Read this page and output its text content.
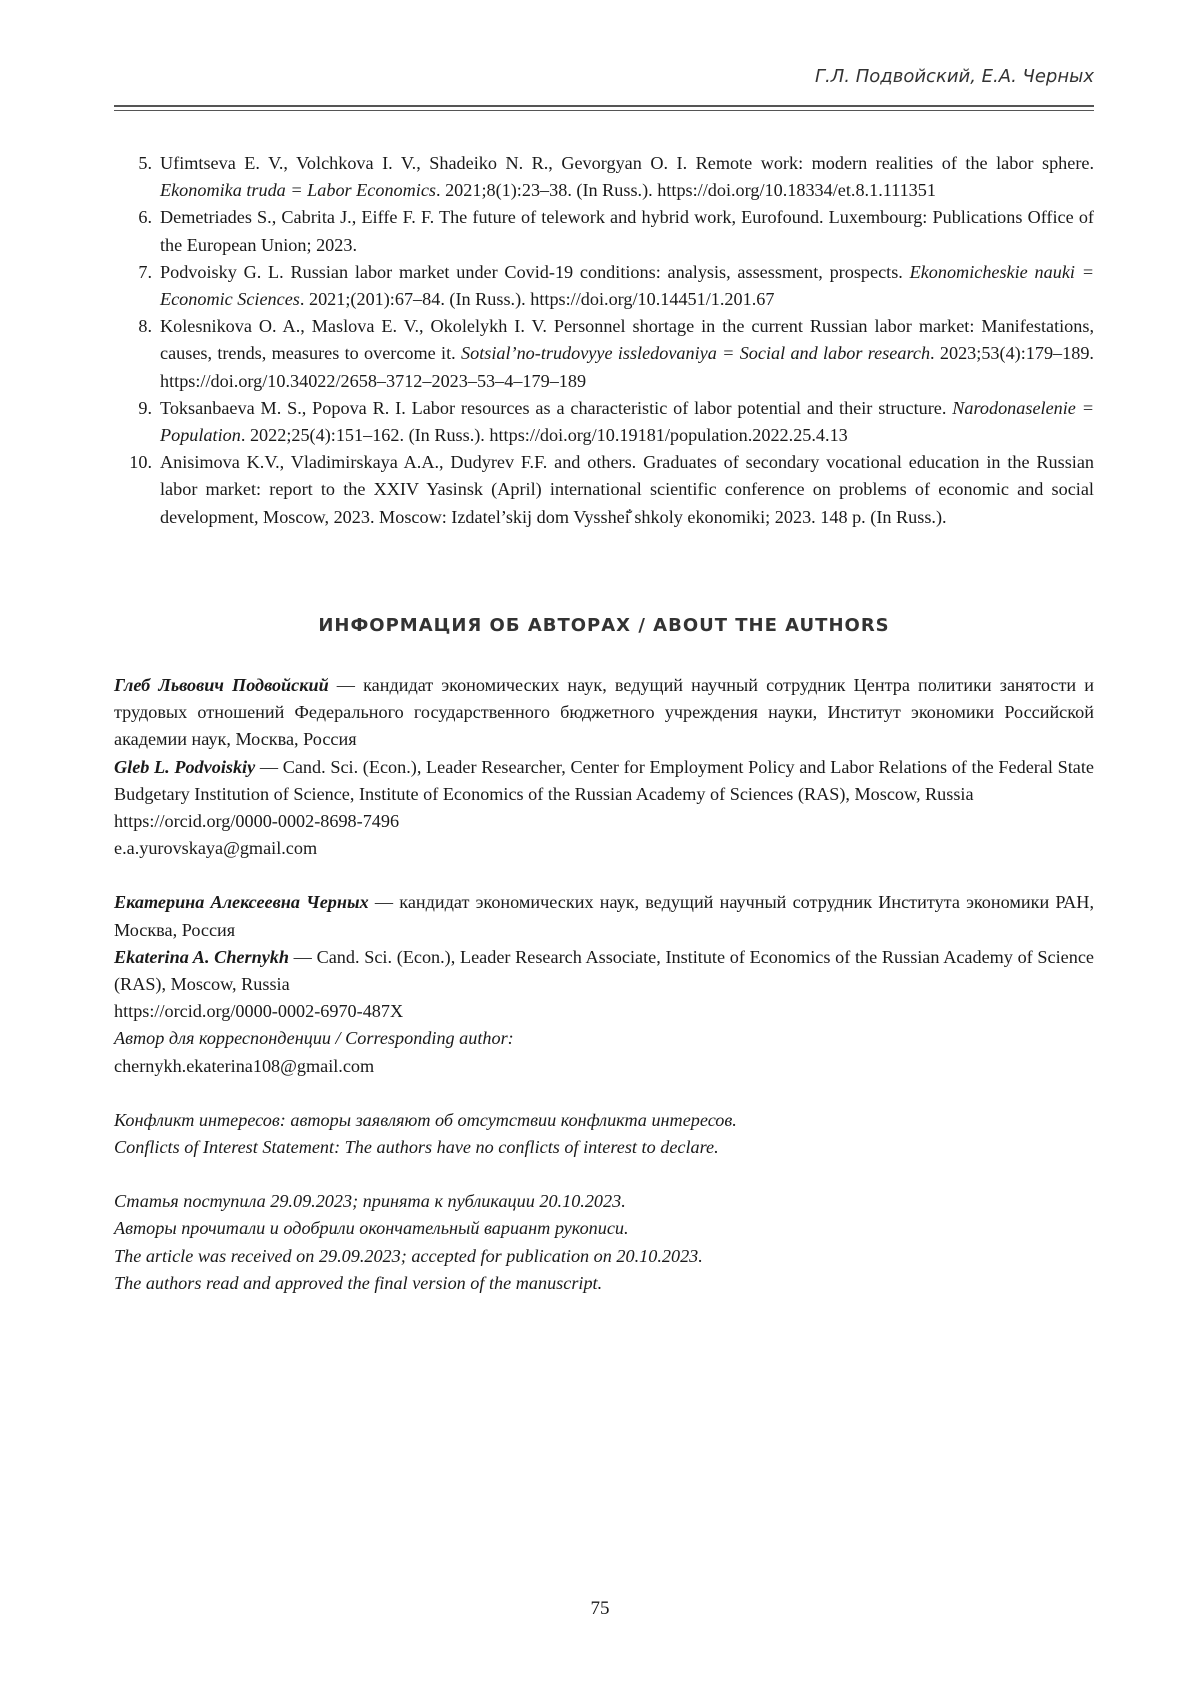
Г.Л. Подвойский, Е.А. Черных
5. Ufimtseva E. V., Volchkova I. V., Shadeiko N. R., Gevorgyan O. I. Remote work: modern realities of the labor sphere. Ekonomika truda = Labor Economics. 2021;8(1):23–38. (In Russ.). https://doi.org/10.18334/et.8.1.111351
6. Demetriades S., Cabrita J., Eiffe F. F. The future of telework and hybrid work, Eurofound. Luxembourg: Publications Office of the European Union; 2023.
7. Podvoisky G. L. Russian labor market under Covid-19 conditions: analysis, assessment, prospects. Ekonomicheskie nauki = Economic Sciences. 2021;(201):67–84. (In Russ.). https://doi.org/10.14451/1.201.67
8. Kolesnikova O. A., Maslova E. V., Okolelykh I. V. Personnel shortage in the current Russian labor market: Manifestations, causes, trends, measures to overcome it. Sotsial’no-trudovyye issledovaniya = Social and labor research. 2023;53(4):179–189. https://doi.org/10.34022/2658–3712–2023–53–4–179–189
9. Toksanbaeva M. S., Popova R. I. Labor resources as a characteristic of labor potential and their structure. Narodonaselenie = Population. 2022;25(4):151–162. (In Russ.). https://doi.org/10.19181/population.2022.25.4.13
10. Anisimova K.V., Vladimirskaya A.A., Dudyrev F.F. and others. Graduates of secondary vocational education in the Russian labor market: report to the XXIV Yasinsk (April) international scientific conference on problems of economic and social development, Moscow, 2023. Moscow: Izdatel’skij dom Vysshei̐ shkoly ekonomiki; 2023. 148 p. (In Russ.).
ИНФОРМАЦИЯ ОБ АВТОРАХ / ABOUT THE AUTHORS

Глеб Львович Подвойский — кандидат экономических наук, ведущий научный сотрудник Центра политики занятости и трудовых отношений Федерального государственного бюджетного учреждения науки, Институт экономики Российской академии наук, Москва, Россия

Gleb L. Podvoiskiy — Cand. Sci. (Econ.), Leader Researcher, Center for Employment Policy and Labor Relations of the Federal State Budgetary Institution of Science, Institute of Economics of the Russian Academy of Sciences (RAS), Moscow, Russia

https://orcid.org/0000-0002-8698-7496

e.a.yurovskaya@gmail.com

Екатерина Алексеевна Черных — кандидат экономических наук, ведущий научный сотрудник Института экономики РАН, Москва, Россия

Ekaterina A. Chernykh — Cand. Sci. (Econ.), Leader Research Associate, Institute of Economics of the Russian Academy of Science (RAS), Moscow, Russia

https://orcid.org/0000-0002-6970-487X

Автор для корреспонденции / Corresponding author:

chernykh.ekaterina108@gmail.com

Конфликт интересов: авторы заявляют об отсутствии конфликта интересов.

Conflicts of Interest Statement: The authors have no conflicts of interest to declare.

Статья поступила 29.09.2023; принята к публикации 20.10.2023.

Авторы прочитали и одобрили окончательный вариант рукописи.

The article was received on 29.09.2023; accepted for publication on 20.10.2023.

The authors read and approved the final version of the manuscript.

75
